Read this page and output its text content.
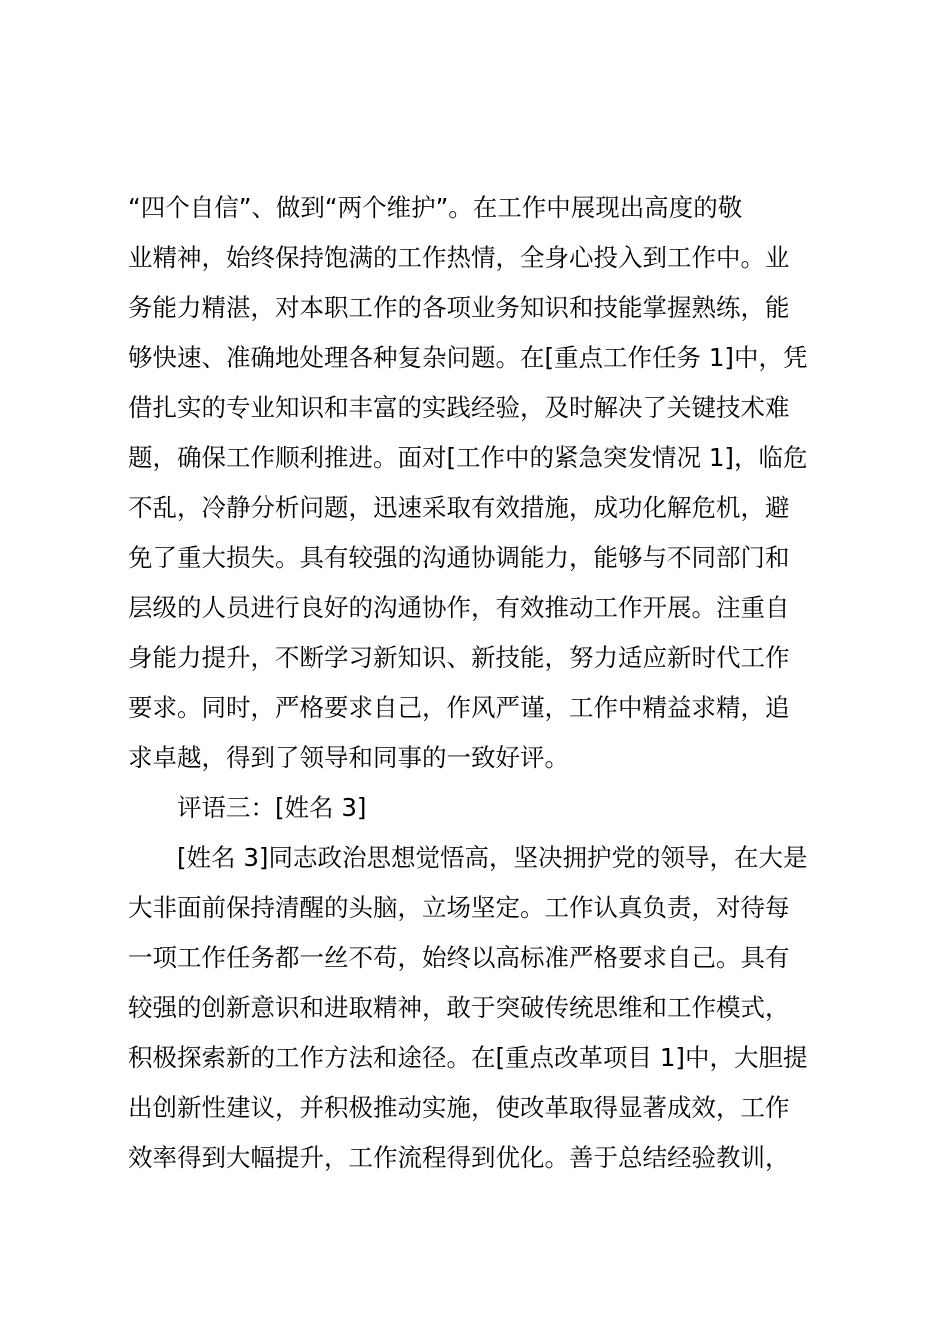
“四个自信”、做到“两个维护”。在工作中展现出高度的敬
业精神，始终保持饱满的工作热情，全身心投入到工作中。业
务能力精湛，对本职工作的各项业务知识和技能掌握熟练，能
够快速、准确地处理各种复杂问题。在[重点工作任务 1]中，凭
借扎实的专业知识和丰富的实践经验，及时解决了关键技术难
题，确保工作顺利推进。面对[工作中的紧急突发情况 1]，临危
不乱，冷静分析问题，迅速采取有效措施，成功化解危机，避
免了重大损失。具有较强的沟通协调能力，能够与不同部门和
层级的人员进行良好的沟通协作，有效推动工作开展。注重自
身能力提升，不断学习新知识、新技能，努力适应新时代工作
要求。同时，严格要求自己，作风严谨，工作中精益求精，追
求卓越，得到了领导和同事的一致好评。
评语三：[姓名 3]
[姓名 3]同志政治思想觉悟高，坚决拥护党的领导，在大是
大非面前保持清醒的头脑，立场坚定。工作认真负责，对待每
一项工作任务都一丝不苟，始终以高标准严格要求自己。具有
较强的创新意识和进取精神，敢于突破传统思维和工作模式，
积极探索新的工作方法和途径。在[重点改革项目 1]中，大胆提
出创新性建议，并积极推动实施，使改革取得显著成效，工作
效率得到大幅提升，工作流程得到优化。善于总结经验教训，
